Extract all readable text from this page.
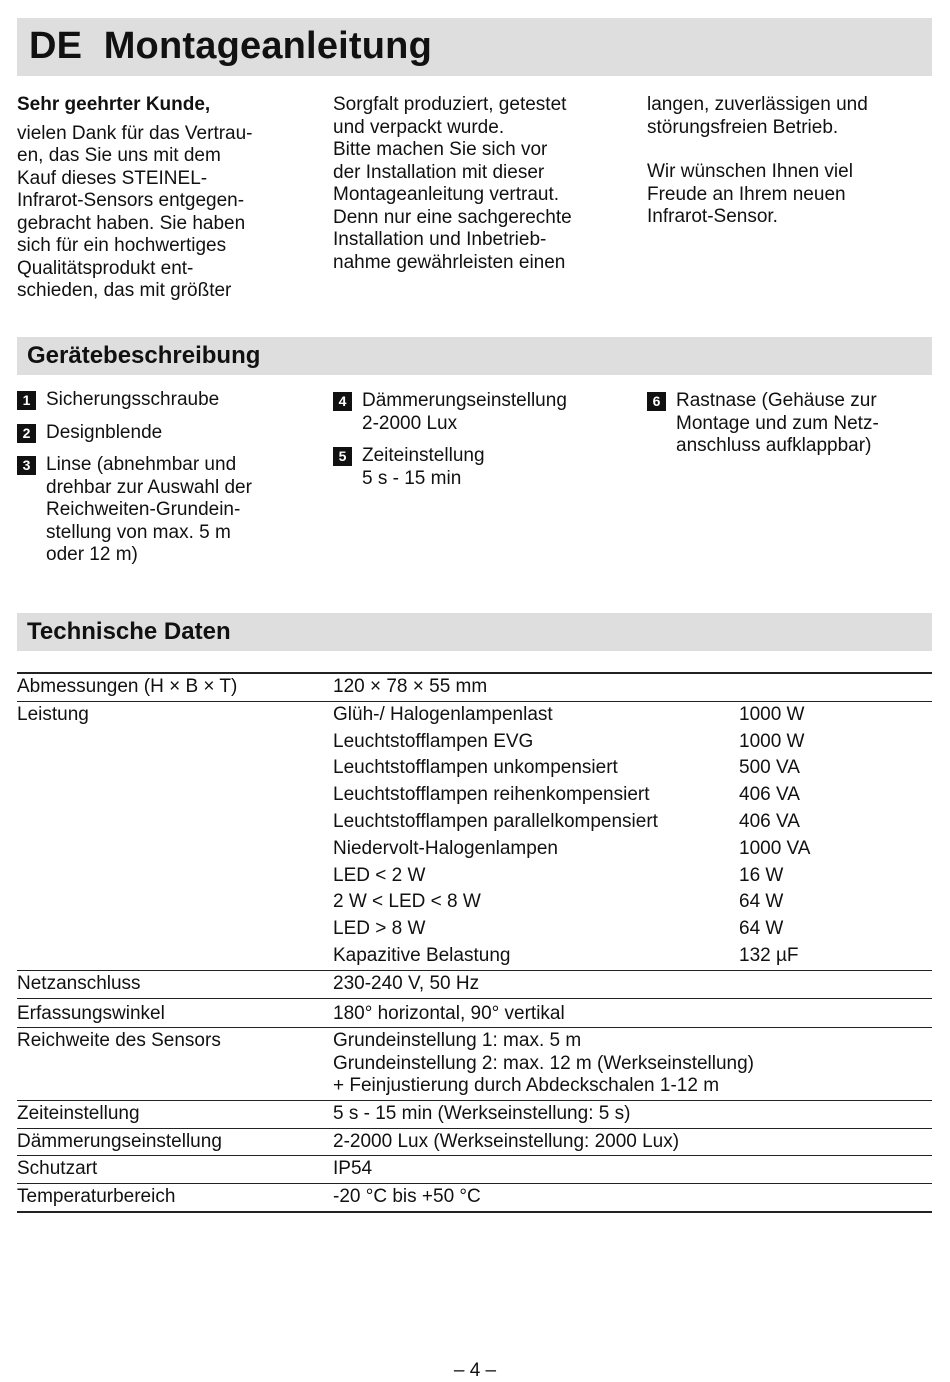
DE  Montageanleitung

Sehr geehrter Kunde,

vielen Dank für das Vertrau-

en, das Sie uns mit dem

Kauf dieses STEINEL-

Infrarot-Sensors entgegen-

gebracht haben. Sie haben

sich für ein hochwertiges

Qualitätsprodukt ent-

schieden, das mit größter

Sorgfalt produziert, getestet

und verpackt wurde.

Bitte machen Sie sich vor

der Installation mit dieser

Montageanleitung vertraut.

Denn nur eine sachgerechte

Installation und Inbetrieb-

nahme gewährleisten einen

langen, zuverlässigen und

störungsfreien Betrieb.

Wir wünschen Ihnen viel

Freude an Ihrem neuen

Infrarot-Sensor.

Gerätebeschreibung
1 Sicherungsschraube
2 Designblende
3 Linse (abnehmbar und
drehbar zur Auswahl der
Reichweiten-Grundein-
stellung von max. 5 m
oder 12 m)
4 Dämmerungseinstellung
2-2000 Lux
5 Zeiteinstellung
5 s - 15 min
6 Rastnase (Gehäuse zur
Montage und zum Netz-
anschluss aufklappbar)
Technische Daten
Abmessungen (H × B × T)	120 × 78 × 55 mm	
Leistung	Glüh-/ Halogenlampenlast	1000 W
	Leuchtstofflampen EVG	1000 W
	Leuchtstofflampen unkompensiert	500 VA
	Leuchtstofflampen reihenkompensiert	406 VA
	Leuchtstofflampen parallelkompensiert	406 VA
	Niedervolt-Halogenlampen	1000 VA
	LED < 2 W	16 W
	2 W < LED < 8 W	64 W
	LED > 8 W	64 W
	Kapazitive Belastung	132 µF
Netzanschluss	230-240 V, 50 Hz	
Erfassungswinkel	180° horizontal, 90° vertikal	
Reichweite des Sensors	Grundeinstellung 1: max. 5 m
Grundeinstellung 2: max. 12 m (Werkseinstellung)
+ Feinjustierung durch Abdeckschalen 1-12 m	

Zeiteinstellung	5 s - 15 min (Werkseinstellung: 5 s)	
Dämmerungseinstellung	2-2000 Lux (Werkseinstellung: 2000 Lux)	
Schutzart	IP54	
Temperaturbereich	-20 °C bis +50 °C	
– 4 –
